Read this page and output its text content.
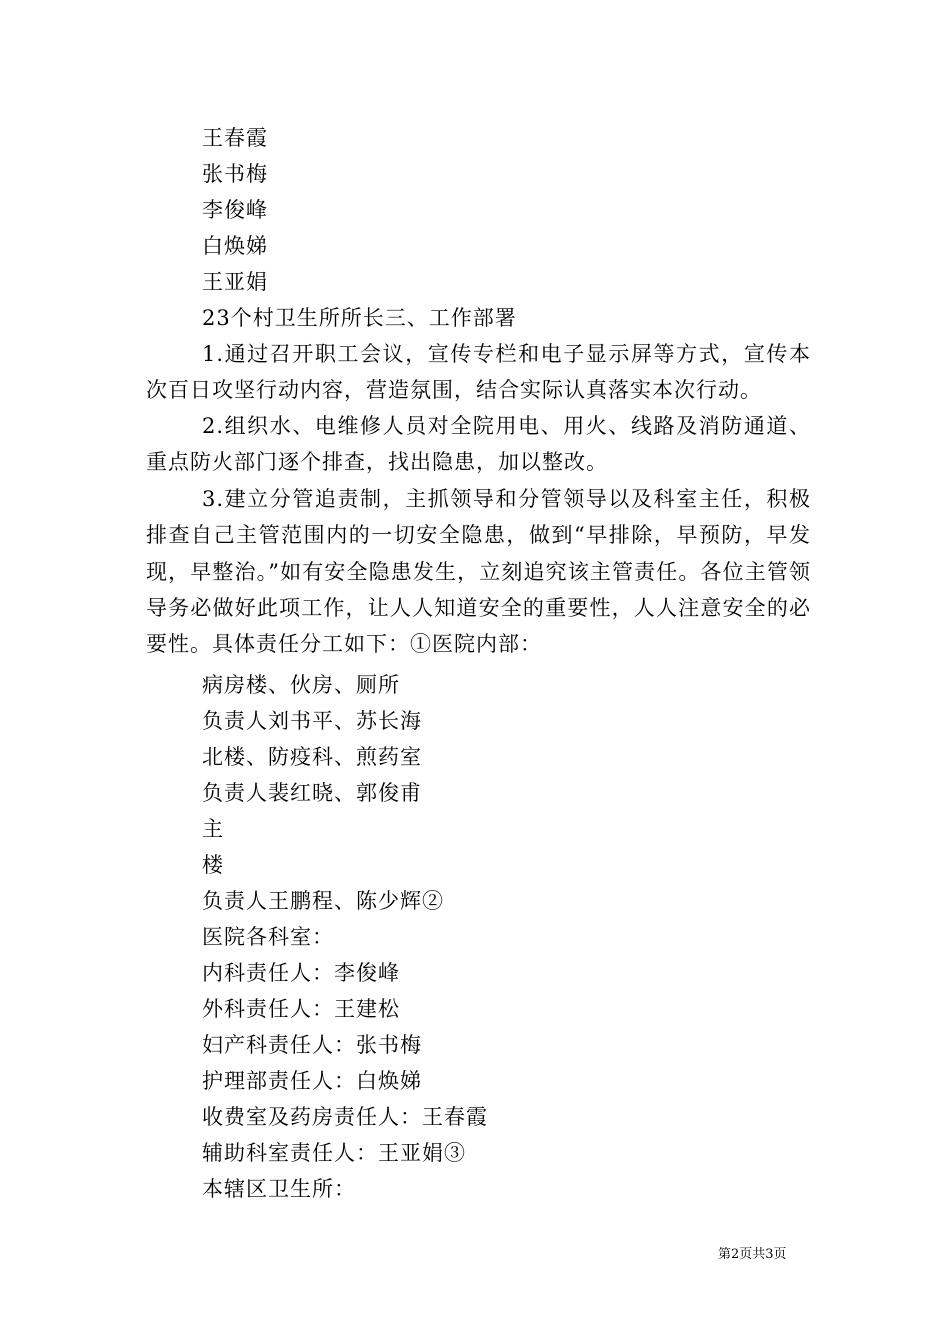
王春霞
张书梅
李俊峰
白焕娣
王亚娟
23个村卫生所所长三、工作部署
1.通过召开职工会议，宣传专栏和电子显示屏等方式，宣传本次百日攻坚行动内容，营造氛围，结合实际认真落实本次行动。
2.组织水、电维修人员对全院用电、用火、线路及消防通道、重点防火部门逐个排查，找出隐患，加以整改。
3.建立分管追责制，主抓领导和分管领导以及科室主任，积极排查自己主管范围内的一切安全隐患，做到“早排除，早预防，早发现，早整治。”如有安全隐患发生，立刻追究该主管责任。各位主管领导务必做好此项工作，让人人知道安全的重要性，人人注意安全的必要性。具体责任分工如下：①医院内部：
病房楼、伙房、厕所
负责人刘书平、苏长海
北楼、防疫科、煎药室
负责人裴红晓、郭俊甫
主
楼
负责人王鹏程、陈少辉②
医院各科室：
内科责任人：李俊峰
外科责任人：王建松
妇产科责任人：张书梅
护理部责任人：白焕娣
收费室及药房责任人：王春霞
辅助科室责任人：王亚娟③
本辖区卫生所：
第2页共3页
